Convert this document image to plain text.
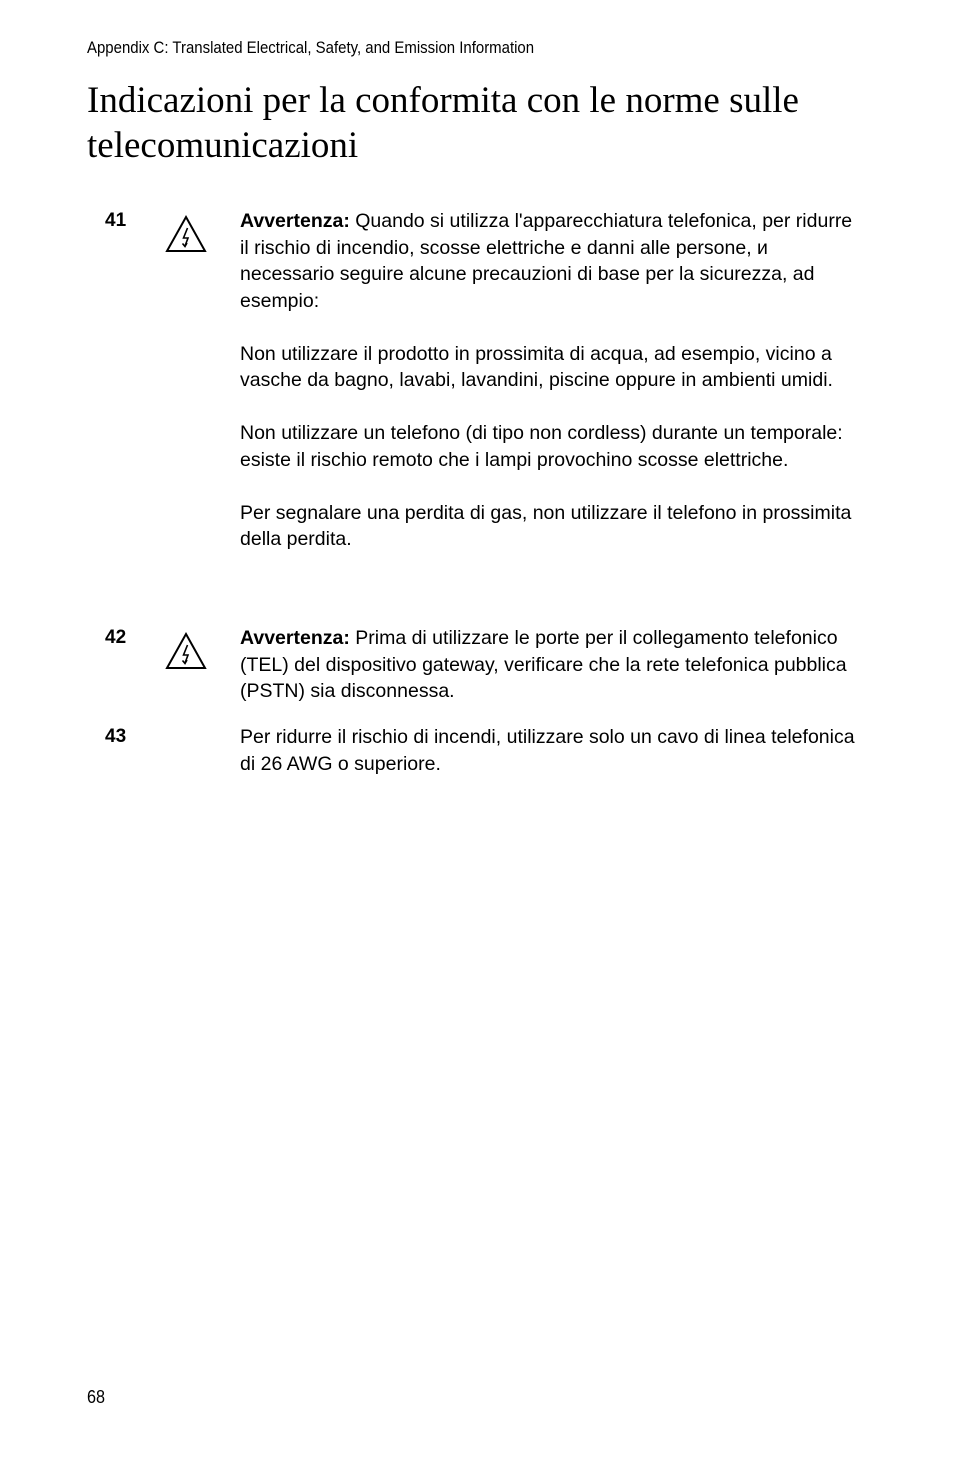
Appendix C: Translated Electrical, Safety, and Emission Information
Indicazioni per la conformita con le norme sulle telecomunicazioni
41	Avvertenza: Quando si utilizza l'apparecchiatura telefonica, per ridurre il rischio di incendio, scosse elettriche e danni alle persone, и necessario seguire alcune precauzioni di base per la sicurezza, ad esempio:

Non utilizzare il prodotto in prossimita di acqua, ad esempio, vicino a vasche da bagno, lavabi, lavandini, piscine oppure in ambienti umidi.

Non utilizzare un telefono (di tipo non cordless) durante un temporale: esiste il rischio remoto che i lampi provochino scosse elettriche.

Per segnalare una perdita di gas, non utilizzare il telefono in prossimita della perdita.

42	Avvertenza: Prima di utilizzare le porte per il collegamento telefonico (TEL) del dispositivo gateway, verificare che la rete telefonica pubblica (PSTN) sia disconnessa.

43	Per ridurre il rischio di incendi, utilizzare solo un cavo di linea telefonica di 26 AWG o superiore.

68
